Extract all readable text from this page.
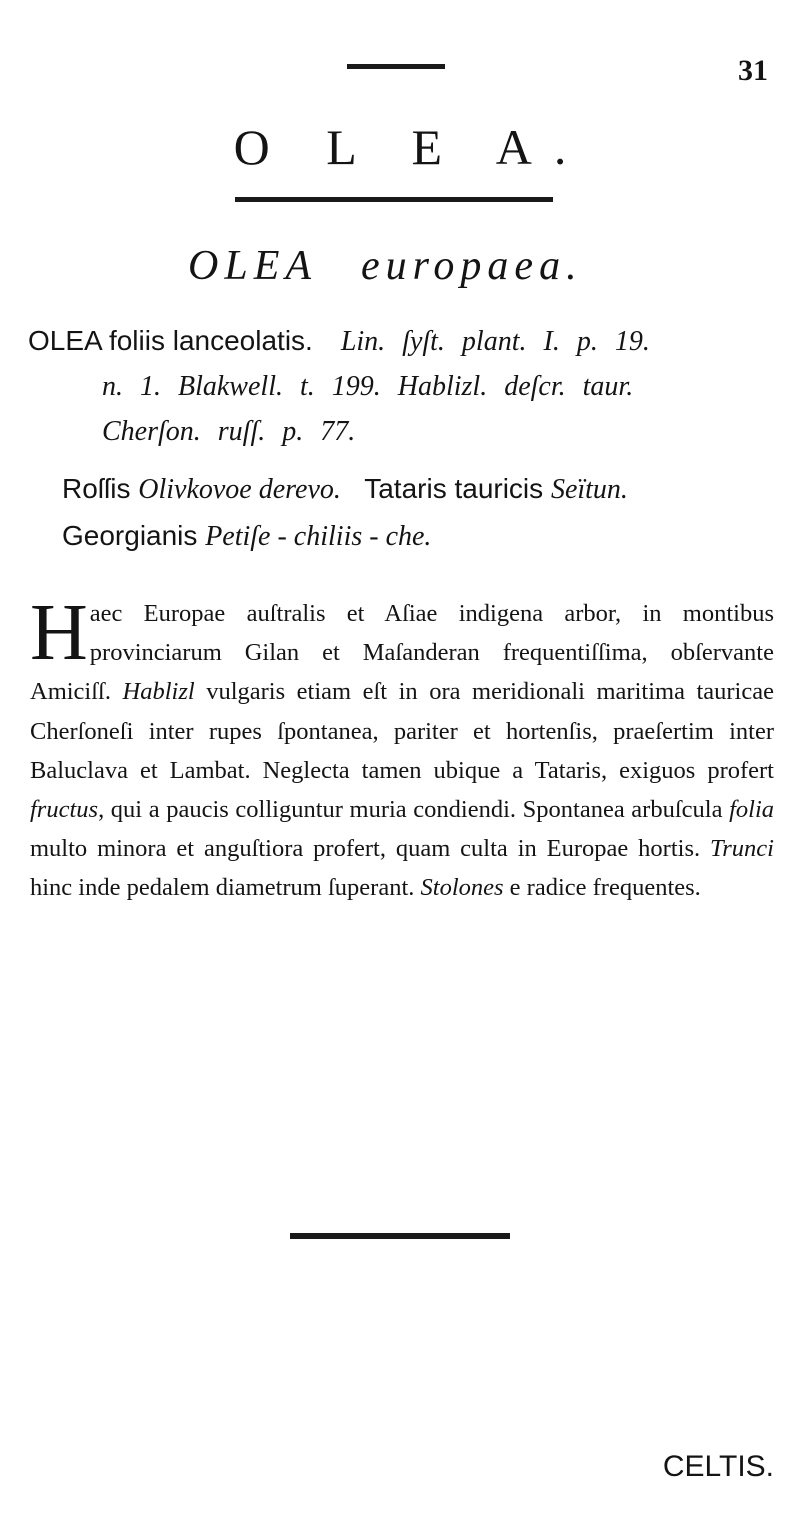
31
O L E A.
OLEA europaea.
OLEA foliis lanceolatis. Lin. ſyſt. plant. I. p. 19.
n. 1. Blakwell. t. 199. Hablizl. deſcr. taur.
Cherſon. ruſſ. p. 77.
Roſſis Olivkovoe derevo. Tataris tauricis Seïtun.
Georgianis Petiſe - chiliis - che.
Haec Europae auſtralis et Aſiae indigena arbor, in montibus provinciarum Gilan et Maſanderan frequentiſſima, obſervante Amiciſſ. Hablizl vulgaris etiam eſt in ora meridionali maritima tauricae Cherſoneſi inter rupes ſpontanea, pariter et hortenſis, praeſertim inter Baluclava et Lambat. Neglecta tamen ubique a Tataris, exiguos profert fructus, qui a paucis colliguntur muria condiendi. Spontanea arbuſcula folia multo minora et anguſtiora profert, quam culta in Europae hortis. Trunci hinc inde pedalem diametrum ſuperant. Stolones e radice frequentes.
CELTIS.
